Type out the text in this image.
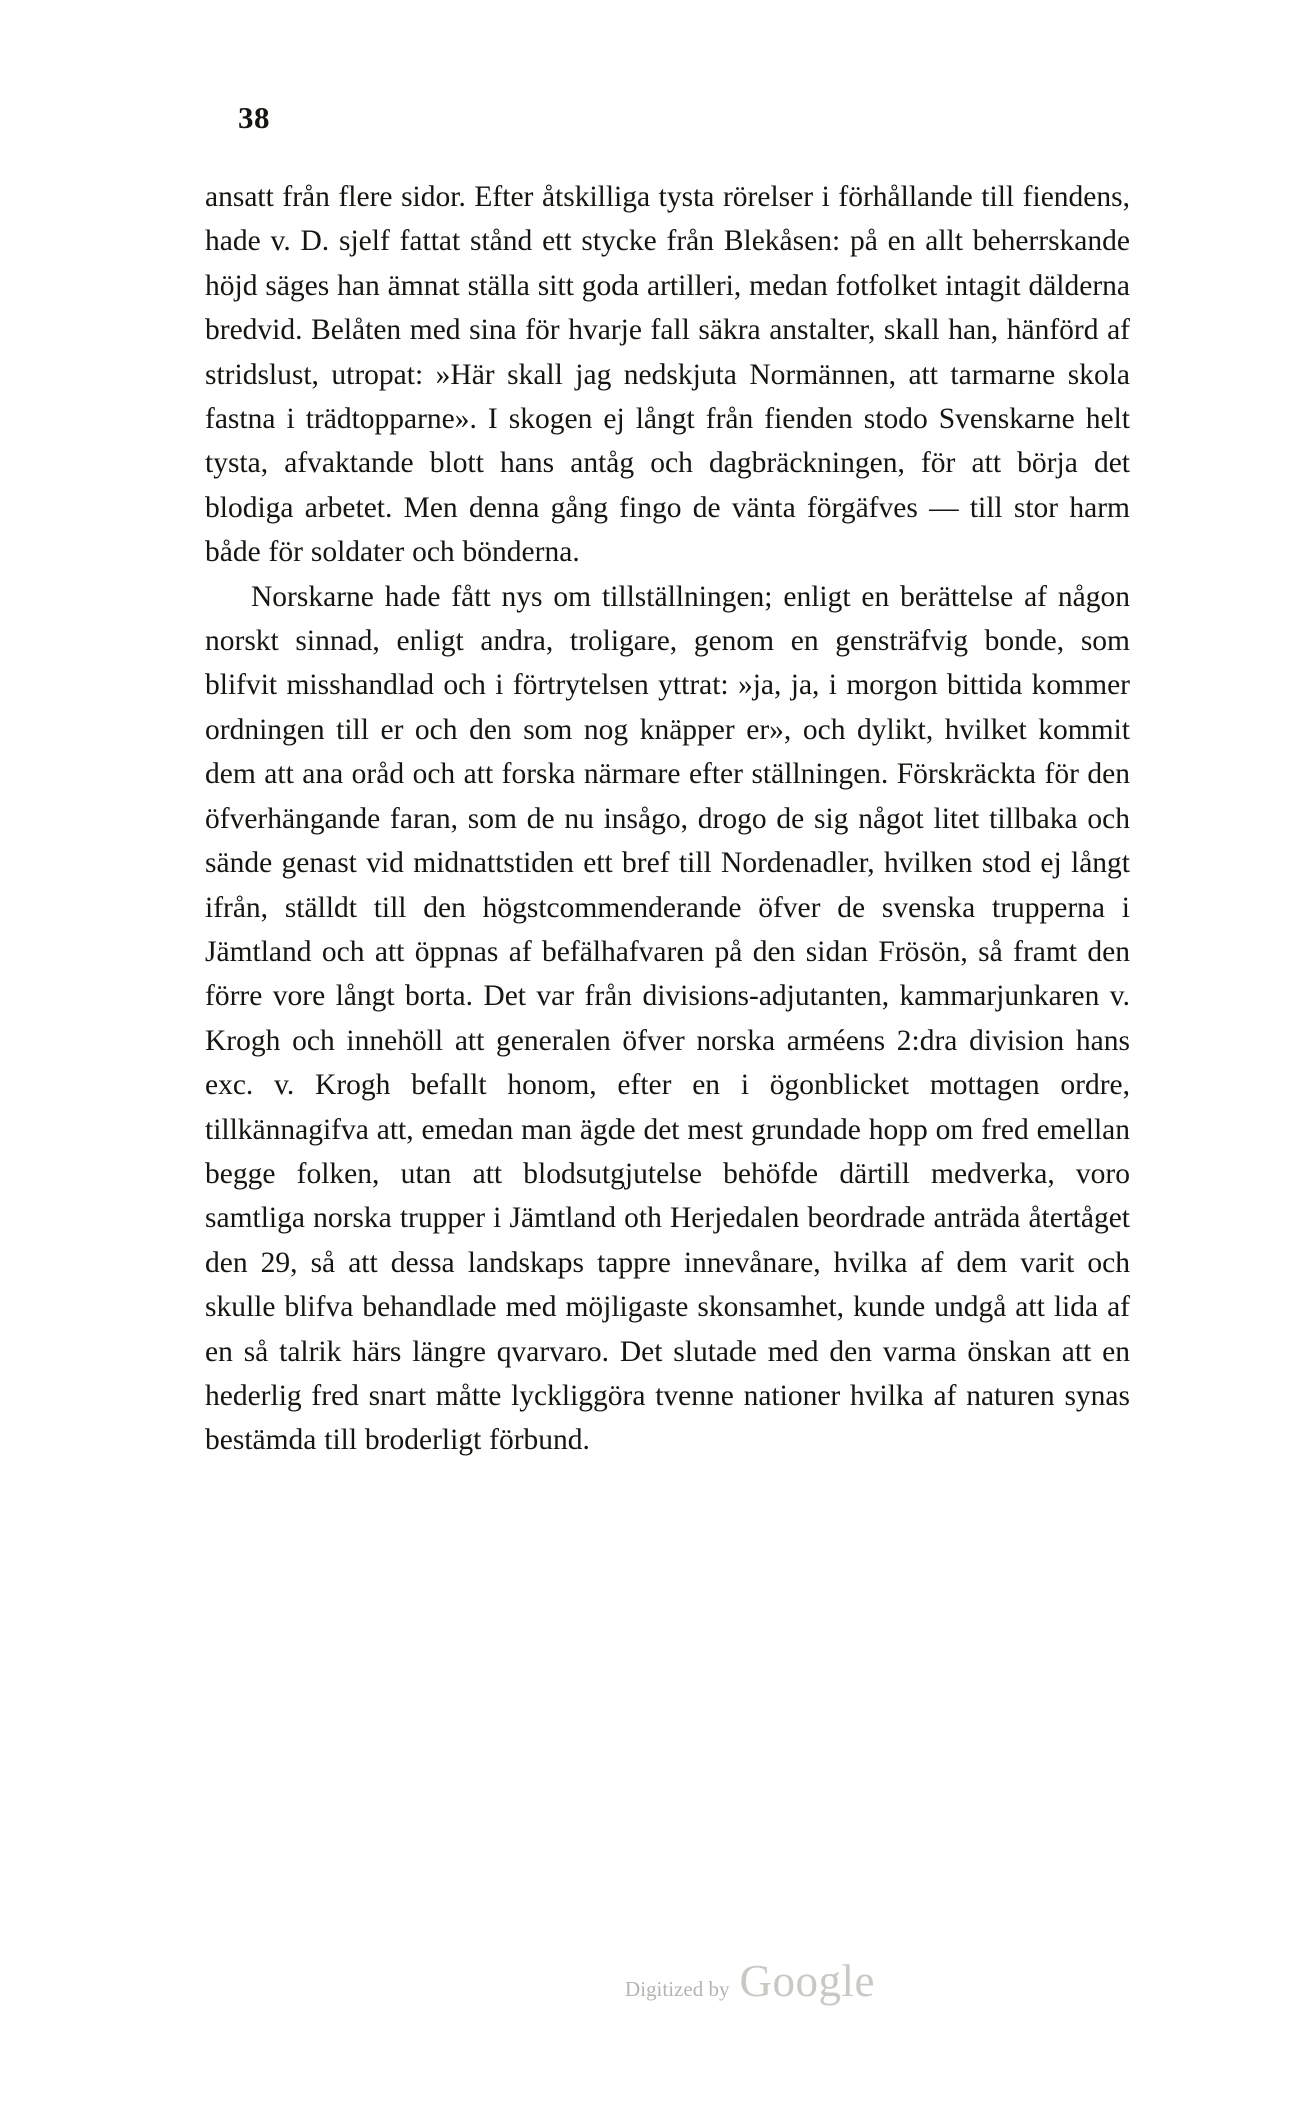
38

ansatt från flere sidor. Efter åtskilliga tysta rörelser i förhållande till fiendens, hade v. D. sjelf fattat stånd ett stycke från Blekåsen: på en allt beherrskande höjd säges han ämnat ställa sitt goda artilleri, medan fotfolket intagit dälderna bredvid. Belåten med sina för hvarje fall säkra anstalter, skall han, hänförd af stridslust, utropat: »Här skall jag nedskjuta Normännen, att tarmarne skola fastna i trädtopparne». I skogen ej långt från fienden stodo Svenskarne helt tysta, afvaktande blott hans antåg och dagbräckningen, för att börja det blodiga arbetet. Men denna gång fingo de vänta förgäfves — till stor harm både för soldater och bönderna.

Norskarne hade fått nys om tillställningen; enligt en berättelse af någon norskt sinnad, enligt andra, troligare, genom en gensträfvig bonde, som blifvit misshandlad och i förtrytelsen yttrat: »ja, ja, i morgon bittida kommer ordningen till er och den som nog knäpper er», och dylikt, hvilket kommit dem att ana oråd och att forska närmare efter ställningen. Förskräckta för den öfverhängande faran, som de nu insågo, drogo de sig något litet tillbaka och sände genast vid midnattstiden ett bref till Nordenadler, hvilken stod ej långt ifrån, ställdt till den högstcommenderande öfver de svenska trupperna i Jämtland och att öppnas af befälhafvaren på den sidan Frösön, så framt den förre vore långt borta. Det var från divisions-adjutanten, kammarjunkaren v. Krogh och innehöll att generalen öfver norska arméens 2:dra division hans exc. v. Krogh befallt honom, efter en i ögonblicket mottagen ordre, tillkännagifva att, emedan man ägde det mest grundade hopp om fred emellan begge folken, utan att blodsutgjutelse behöfde därtill medverka, voro samtliga norska trupper i Jämtland oth Herjedalen beordrade anträda återtåget den 29, så att dessa landskaps tappre innevånare, hvilka af dem varit och skulle blifva behandlade med möjligaste skonsamhet, kunde undgå att lida af en så talrik härs längre qvarvaro. Det slutade med den varma önskan att en hederlig fred snart måtte lyckliggöra tvenne nationer hvilka af naturen synas bestämda till broderligt förbund.

Digitized by Google
